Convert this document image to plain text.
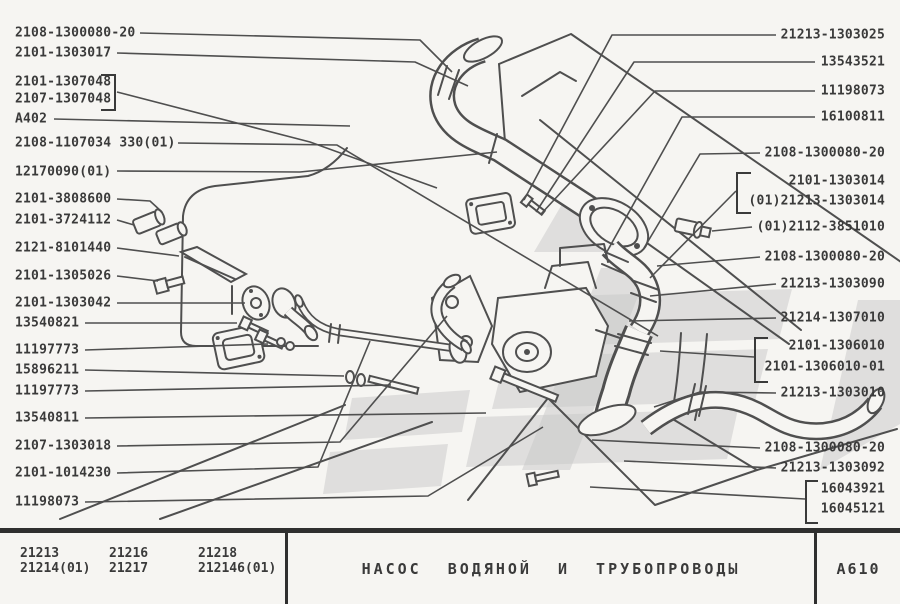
2108-1300080-20
2101-1303017
2101-1307048
2107-1307048
А402
2108-1107034 330(01)
12170090(01)
2101-3808600
2101-3724112
2121-8101440
2101-1305026
2101-1303042
13540821
11197773
15896211
11197773
13540811
2107-1303018
2101-1014230
11198073
21213-1303025
13543521
11198073
16100811
2108-1300080-20
2101-1303014
(01)21213-1303014
(01)2112-3851010
2108-1300080-20
21213-1303090
21214-1307010
2101-1306010
2101-1306010-01
21213-1303010
2108-1300080-20
21213-1303092
16043921
16045121
21213
21214(01)
21216
21217
21218
212146(01)	НАСОС ВОДЯНОЙ И ТРУБОПРОВОДЫ	А610
